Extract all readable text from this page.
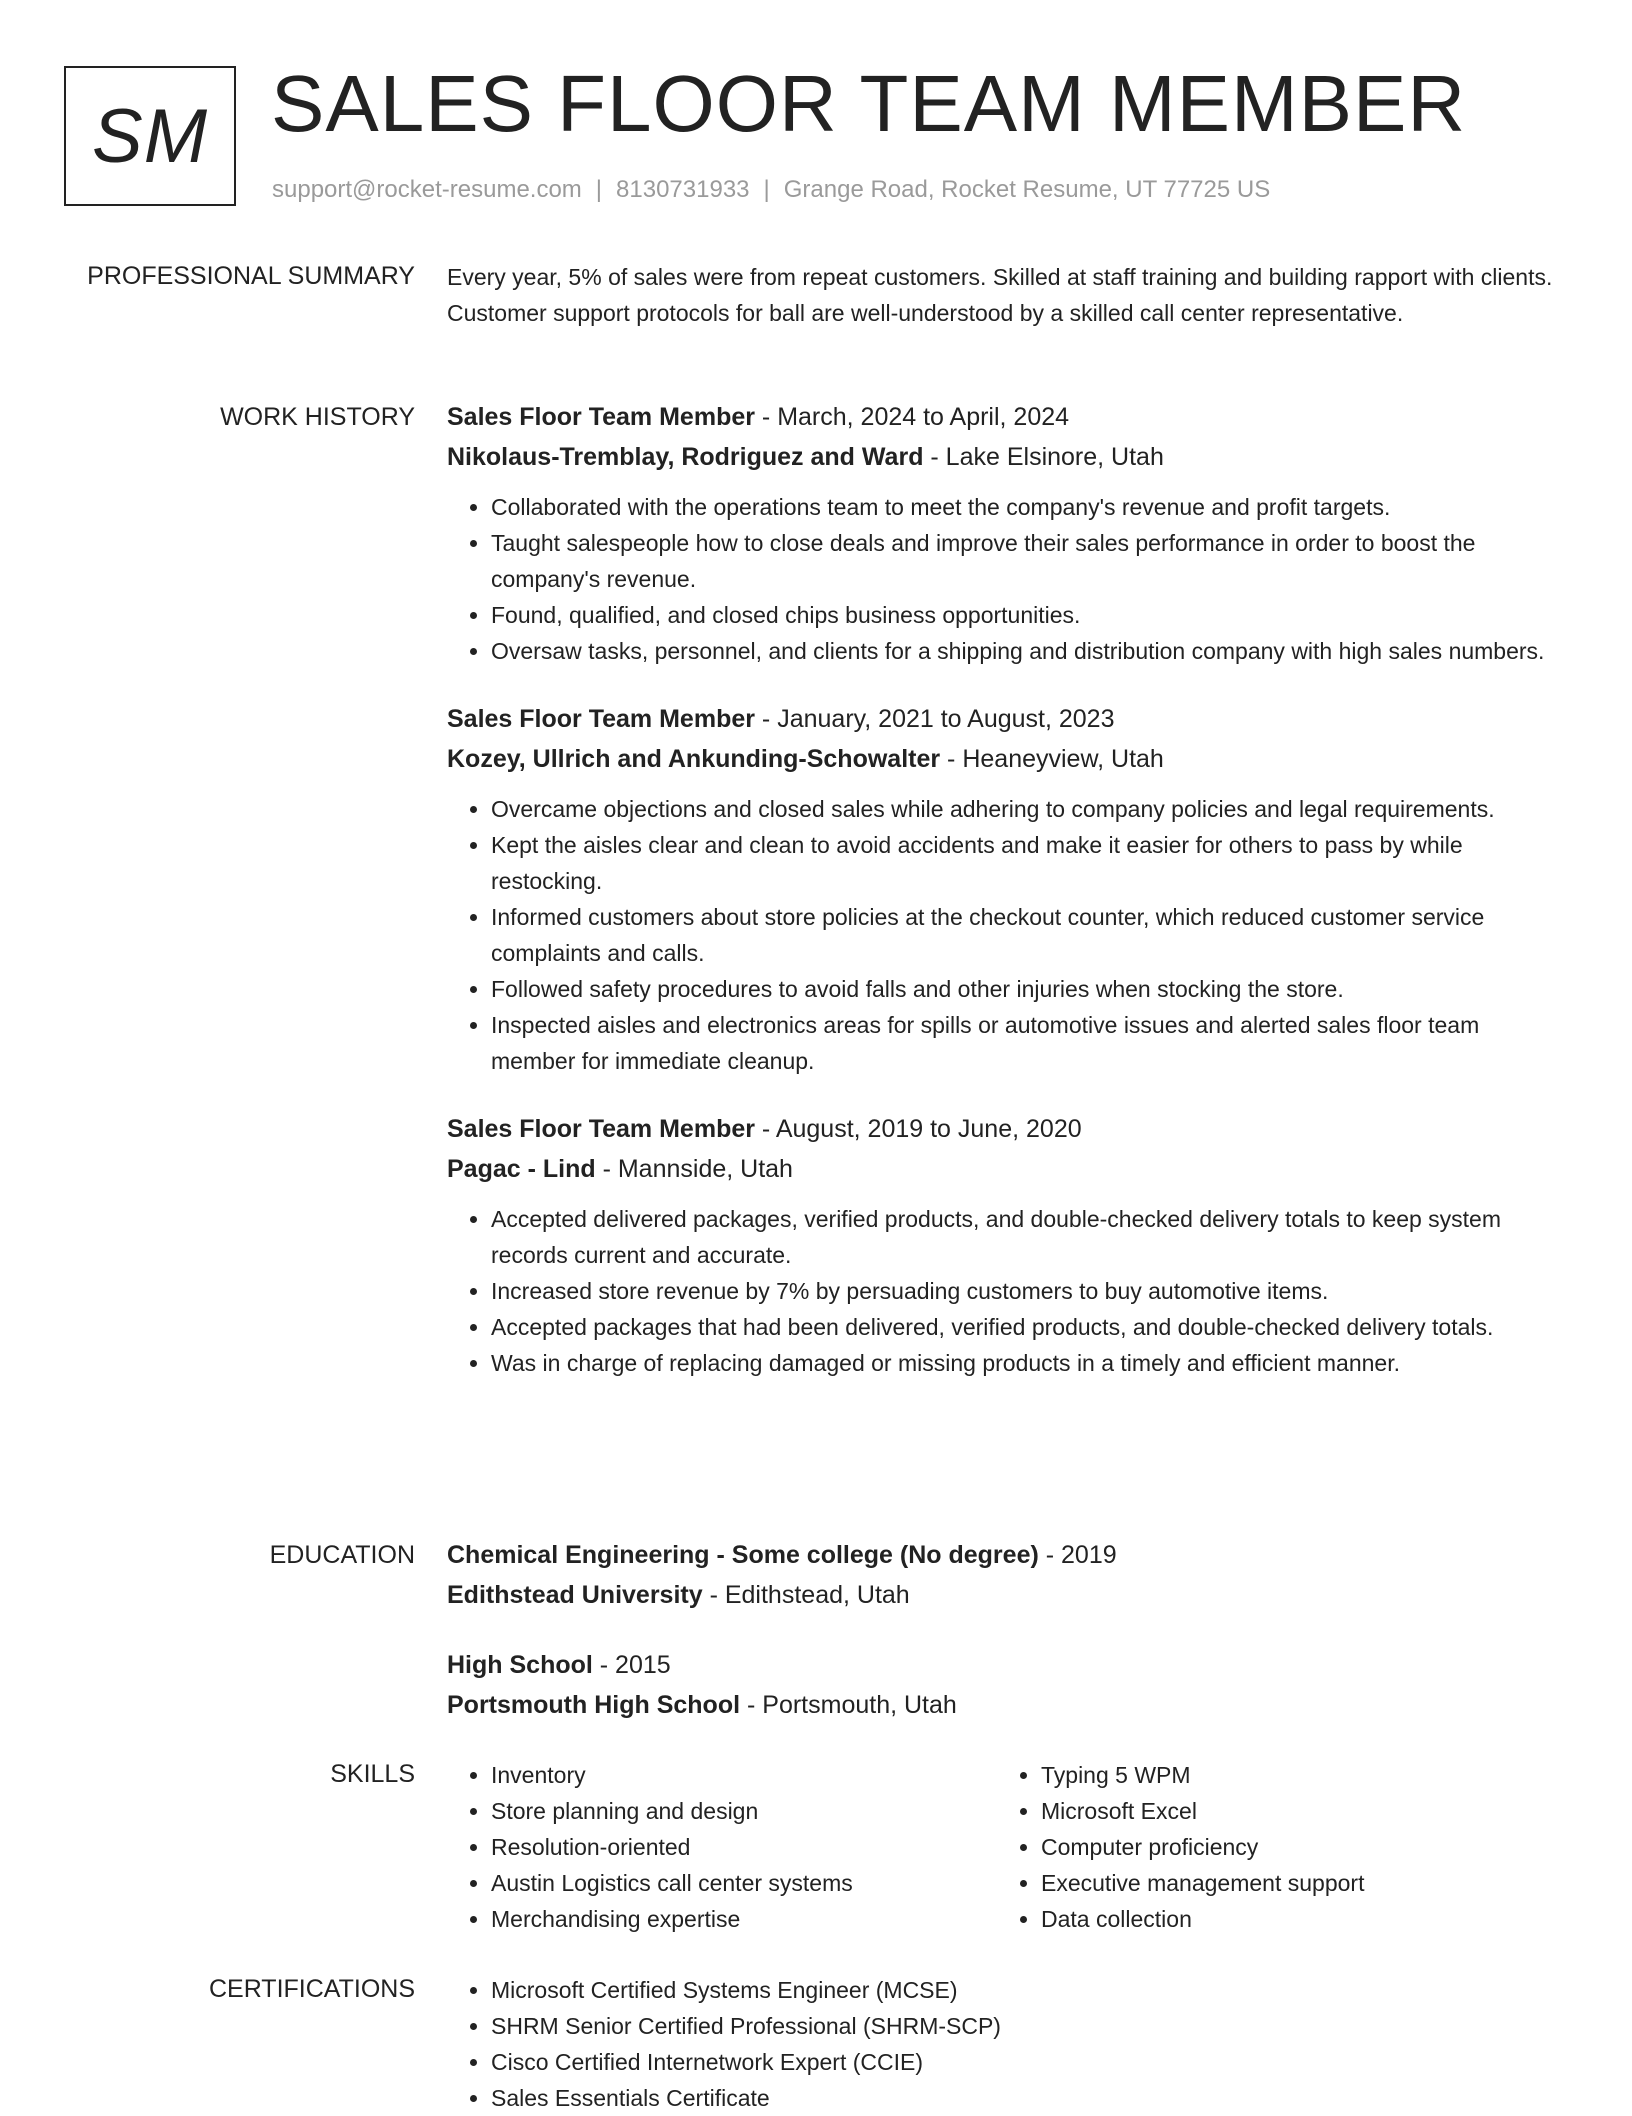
SM SALES FLOOR TEAM MEMBER
support@rocket-resume.com | 8130731933 | Grange Road, Rocket Resume, UT 77725 US
PROFESSIONAL SUMMARY Every year, 5% of sales were from repeat customers. Skilled at staff training and building rapport with clients. Customer support protocols for ball are well-understood by a skilled call center representative.

WORK HISTORY Sales Floor Team Member - March, 2024 to April, 2024
Nikolaus-Tremblay, Rodriguez and Ward - Lake Elsinore, Utah
• Collaborated with the operations team to meet the company's revenue and profit targets.
• Taught salespeople how to close deals and improve their sales performance in order to boost the company's revenue.
• Found, qualified, and closed chips business opportunities.
• Oversaw tasks, personnel, and clients for a shipping and distribution company with high sales numbers.
Sales Floor Team Member - January, 2021 to August, 2023
Kozey, Ullrich and Ankunding-Schowalter - Heaneyview, Utah
• Overcame objections and closed sales while adhering to company policies and legal requirements.
• Kept the aisles clear and clean to avoid accidents and make it easier for others to pass by while restocking.
• Informed customers about store policies at the checkout counter, which reduced customer service complaints and calls.
• Followed safety procedures to avoid falls and other injuries when stocking the store.
• Inspected aisles and electronics areas for spills or automotive issues and alerted sales floor team member for immediate cleanup.
Sales Floor Team Member - August, 2019 to June, 2020
Pagac - Lind - Mannside, Utah
• Accepted delivered packages, verified products, and double-checked delivery totals to keep system records current and accurate.
• Increased store revenue by 7% by persuading customers to buy automotive items.
• Accepted packages that had been delivered, verified products, and double-checked delivery totals.
• Was in charge of replacing damaged or missing products in a timely and efficient manner.
EDUCATION Chemical Engineering - Some college (No degree) - 2019
Edithstead University - Edithstead, Utah
High School - 2015
Portsmouth High School - Portsmouth, Utah
SKILLS	• Inventory
• Store planning and design
• Resolution-oriented
• Austin Logistics call center systems
• Merchandising expertise
• Typing 5 WPM
• Microsoft Excel
• Computer proficiency
• Executive management support
• Data collection
CERTIFICATIONS	• Microsoft Certified Systems Engineer (MCSE)
• SHRM Senior Certified Professional (SHRM-SCP)
• Cisco Certified Internetwork Expert (CCIE)
• Sales Essentials Certificate
